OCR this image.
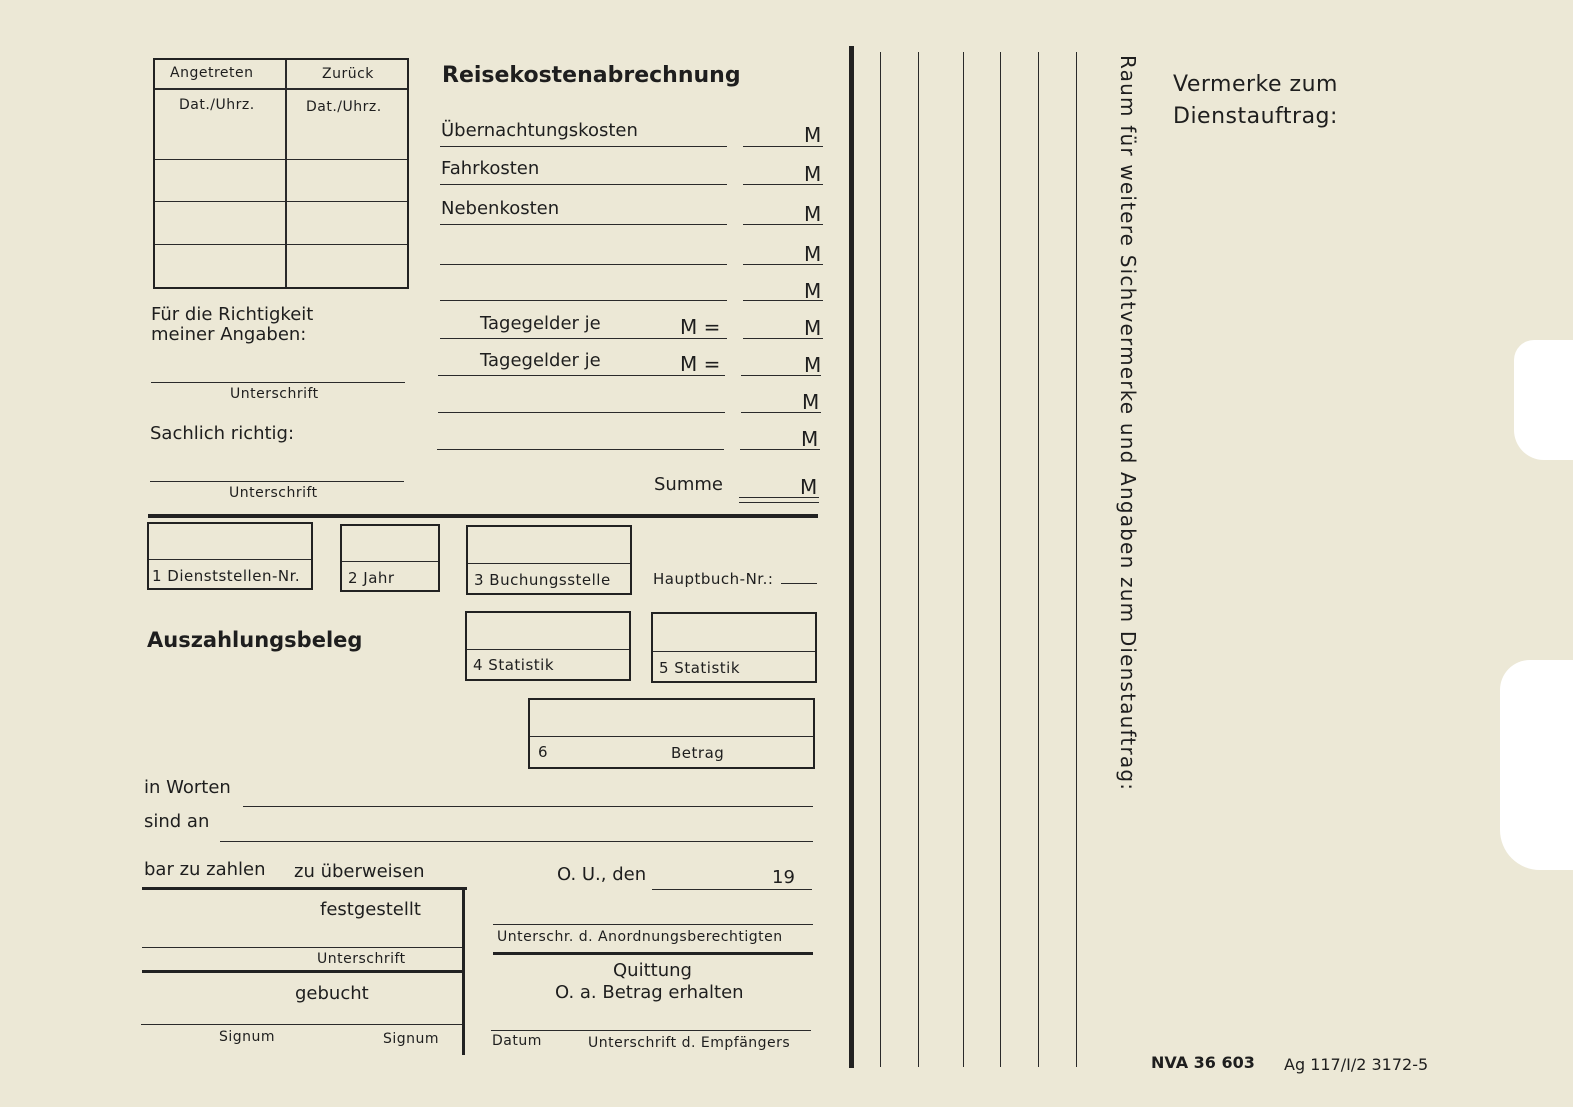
Angetreten	Zurück
Dat./Uhrz.	Dat./Uhrz.
Für die Richtigkeit
meiner Angaben:
Unterschrift
Sachlich richtig:
Unterschrift
Reisekostenabrechnung
Übernachtungskosten	M
Fahrkosten	M
Nebenkosten	M
M
M
Tagegelder je	M =	M
Tagegelder je	M =	M
M
M
Summe	M
1 Dienststellen-Nr.	2 Jahr	3 Buchungsstelle	Hauptbuch-Nr.:
Auszahlungsbeleg
4 Statistik	5 Statistik
6	Betrag
in Worten
sind an
bar zu zahlen zu überweisen	O. U., den	19
festgestellt
Unterschrift
gebucht
Signum	Signum
Unterschr. d. Anordnungsberechtigten
Quittung
O. a. Betrag erhalten
Datum	Unterschrift d. Empfängers
Raum für weitere Sichtvermerke und Angaben zum Dienstauftrag: Vermerke zum
Dienstauftrag:
NVA 36 603 Ag 117/I/2 3172-5
